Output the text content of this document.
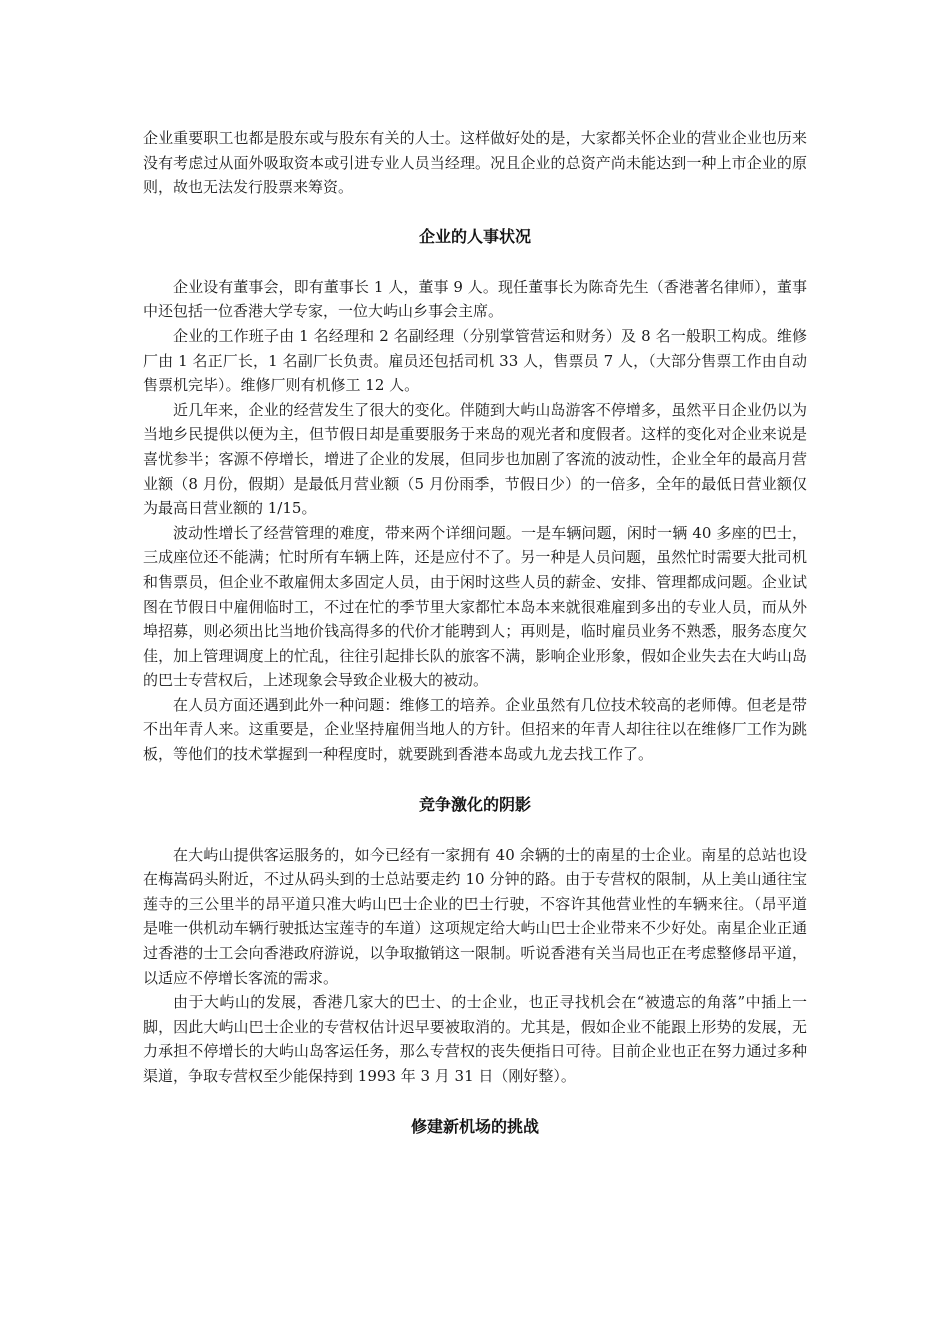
企业重要职工也都是股东或与股东有关的人士。这样做好处的是，大家都关怀企业的营业企业也历来没有考虑过从面外吸取资本或引进专业人员当经理。况且企业的总资产尚未能达到一种上市企业的原则，故也无法发行股票来筹资。

企业的人事状况

企业设有董事会，即有董事长 1 人，董事 9 人。现任董事长为陈奇先生（香港著名律师），董事中还包括一位香港大学专家，一位大屿山乡事会主席。

企业的工作班子由 1 名经理和 2 名副经理（分别掌管营运和财务）及 8 名一般职工构成。维修厂由 1 名正厂长，1 名副厂长负责。雇员还包括司机 33 人，售票员 7 人，（大部分售票工作由自动售票机完毕）。维修厂则有机修工 12 人。

近几年来，企业的经营发生了很大的变化。伴随到大屿山岛游客不停增多，虽然平日企业仍以为当地乡民提供以便为主，但节假日却是重要服务于来岛的观光者和度假者。这样的变化对企业来说是喜忧参半；客源不停增长，增进了企业的发展，但同步也加剧了客流的波动性，企业全年的最高月营业额（8 月份，假期）是最低月营业额（5 月份雨季，节假日少）的一倍多，全年的最低日营业额仅为最高日营业额的 1/15。

波动性增长了经营管理的难度，带来两个详细问题。一是车辆问题，闲时一辆 40 多座的巴士，三成座位还不能满；忙时所有车辆上阵，还是应付不了。另一种是人员问题，虽然忙时需要大批司机和售票员，但企业不敢雇佣太多固定人员，由于闲时这些人员的薪金、安排、管理都成问题。企业试图在节假日中雇佣临时工，不过在忙的季节里大家都忙本岛本来就很难雇到多出的专业人员，而从外埠招募，则必须出比当地价钱高得多的代价才能聘到人；再则是，临时雇员业务不熟悉，服务态度欠佳，加上管理调度上的忙乱，往往引起排长队的旅客不满，影响企业形象，假如企业失去在大屿山岛的巴士专营权后，上述现象会导致企业极大的被动。

在人员方面还遇到此外一种问题：维修工的培养。企业虽然有几位技术较高的老师傅。但老是带不出年青人来。这重要是，企业坚持雇佣当地人的方针。但招来的年青人却往往以在维修厂工作为跳板，等他们的技术掌握到一种程度时，就要跳到香港本岛或九龙去找工作了。

竞争激化的阴影

在大屿山提供客运服务的，如今已经有一家拥有 40 余辆的士的南星的士企业。南星的总站也设在梅嵩码头附近，不过从码头到的士总站要走约 10 分钟的路。由于专营权的限制，从上美山通往宝莲寺的三公里半的昂平道只准大屿山巴士企业的巴士行驶，不容许其他营业性的车辆来往。（昂平道是唯一供机动车辆行驶抵达宝莲寺的车道）这项规定给大屿山巴士企业带来不少好处。南星企业正通过香港的士工会向香港政府游说，以争取撤销这一限制。听说香港有关当局也正在考虑整修昂平道，以适应不停增长客流的需求。

由于大屿山的发展，香港几家大的巴士、的士企业，也正寻找机会在“被遗忘的角落”中插上一脚，因此大屿山巴士企业的专营权估计迟早要被取消的。尤其是，假如企业不能跟上形势的发展，无力承担不停增长的大屿山岛客运任务，那么专营权的丧失便指日可待。目前企业也正在努力通过多种渠道，争取专营权至少能保持到 1993 年 3 月 31 日（刚好整）。

修建新机场的挑战
